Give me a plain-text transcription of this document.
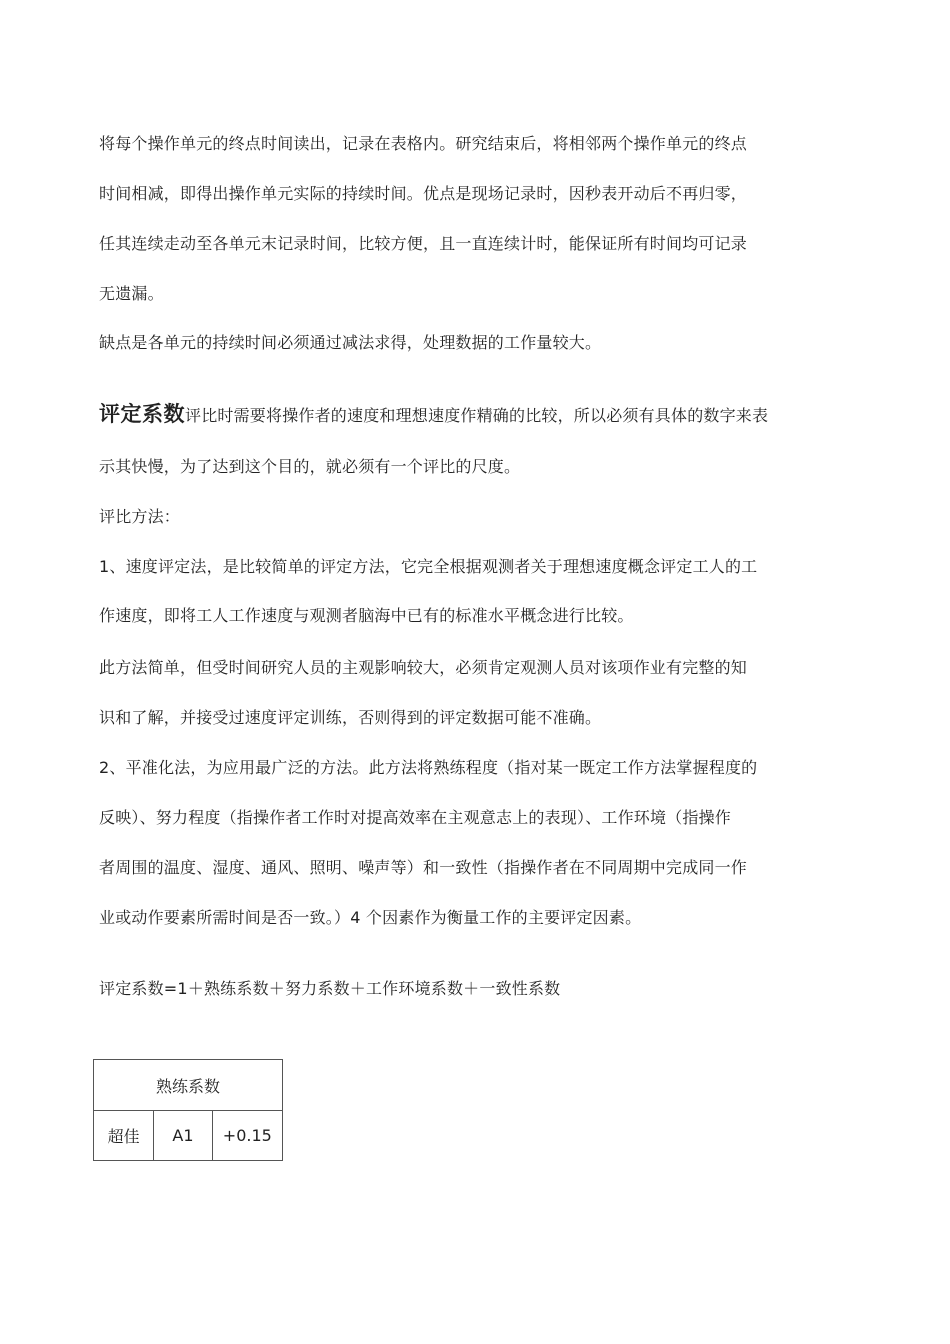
将每个操作单元的终点时间读出，记录在表格内。研究结束后，将相邻两个操作单元的终点
时间相减，即得出操作单元实际的持续时间。优点是现场记录时，因秒表开动后不再归零，
任其连续走动至各单元末记录时间，比较方便，且一直连续计时，能保证所有时间均可记录
无遗漏。
缺点是各单元的持续时间必须通过减法求得，处理数据的工作量较大。
评定系数评比时需要将操作者的速度和理想速度作精确的比较，所以必须有具体的数字来表
示其快慢，为了达到这个目的，就必须有一个评比的尺度。
评比方法：
1、速度评定法，是比较简单的评定方法，它完全根据观测者关于理想速度概念评定工人的工
作速度，即将工人工作速度与观测者脑海中已有的标准水平概念进行比较。
此方法简单，但受时间研究人员的主观影响较大，必须肯定观测人员对该项作业有完整的知
识和了解，并接受过速度评定训练，否则得到的评定数据可能不准确。
2、平准化法，为应用最广泛的方法。此方法将熟练程度（指对某一既定工作方法掌握程度的
反映）、努力程度（指操作者工作时对提高效率在主观意志上的表现）、工作环境（指操作
者周围的温度、湿度、通风、照明、噪声等）和一致性（指操作者在不同周期中完成同一作
业或动作要素所需时间是否一致。）4 个因素作为衡量工作的主要评定因素。
评定系数=1＋熟练系数＋努力系数＋工作环境系数＋一致性系数
熟练系数
超佳	A1	+0.15
